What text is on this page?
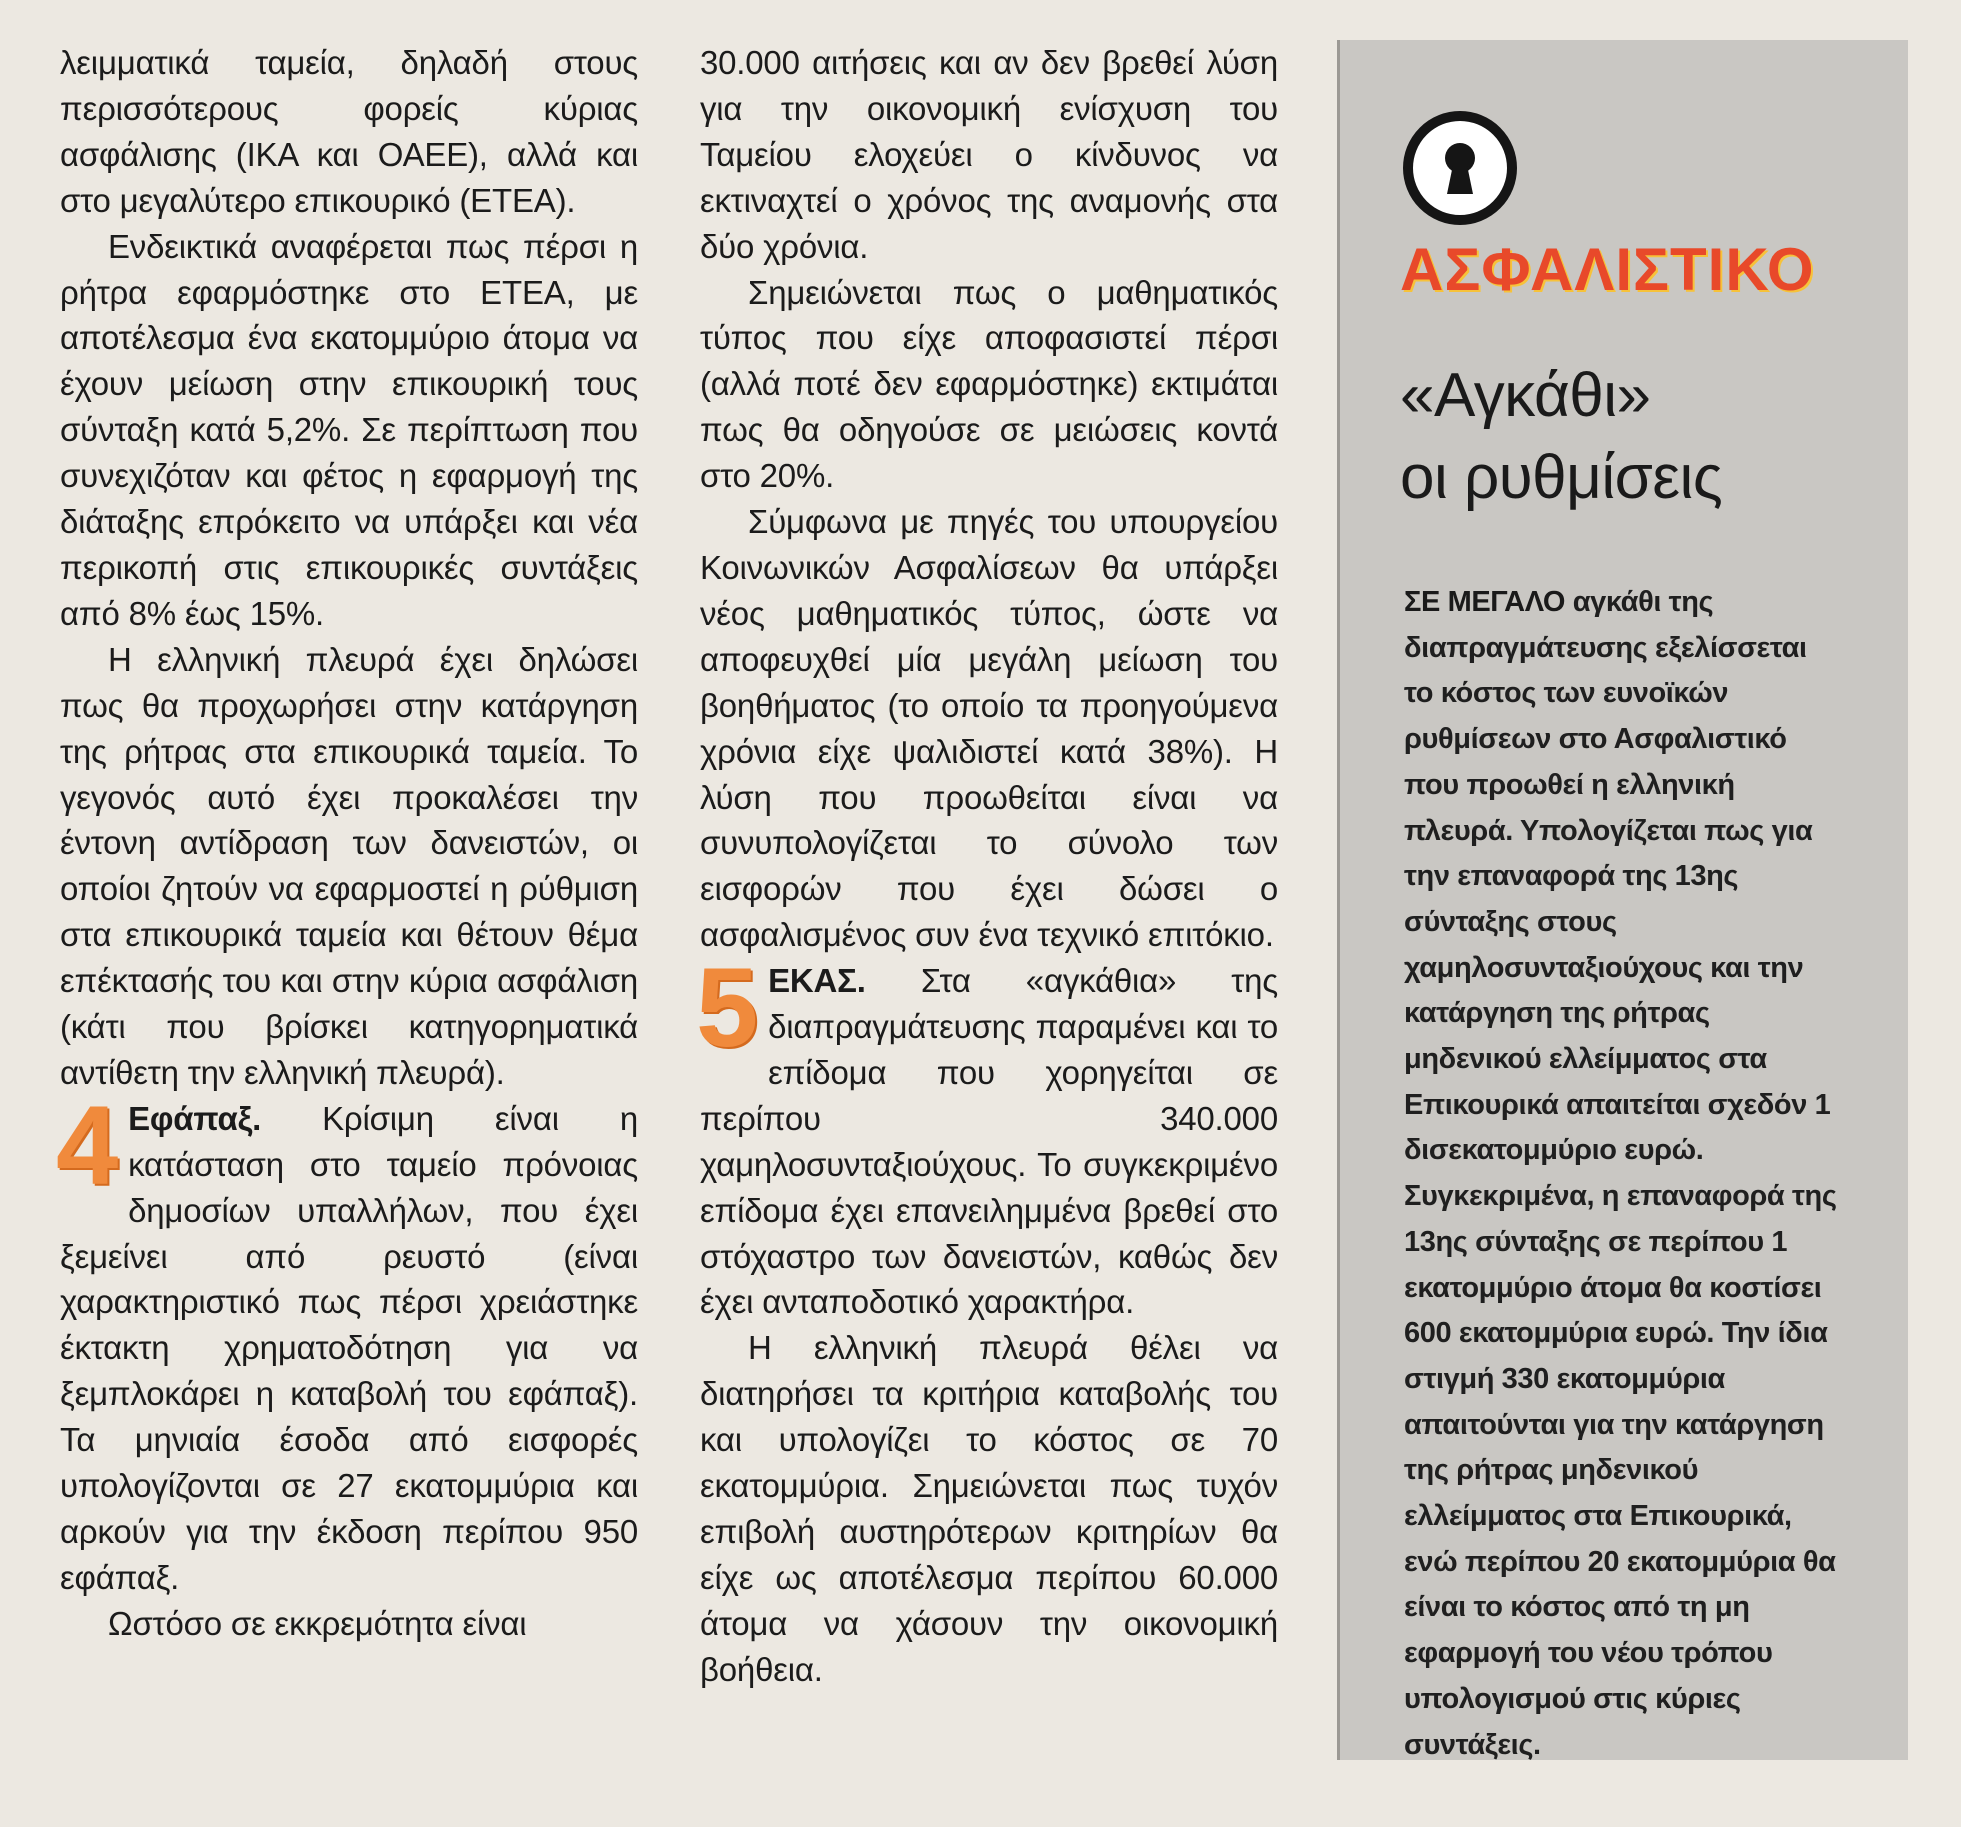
λειμματικά ταμεία, δηλαδή στους περισσότερους φορείς κύριας ασφάλισης (ΙΚΑ και ΟΑΕΕ), αλλά και στο μεγαλύτερο επικουρικό (ΕΤΕΑ).

Ενδεικτικά αναφέρεται πως πέρσι η ρήτρα εφαρμόστηκε στο ΕΤΕΑ, με αποτέλεσμα ένα εκατομμύριο άτομα να έχουν μείωση στην επικουρική τους σύνταξη κατά 5,2%. Σε περίπτωση που συνεχιζόταν και φέτος η εφαρμογή της διάταξης επρόκειτο να υπάρξει και νέα περικοπή στις επικουρικές συντάξεις από 8% έως 15%.

Η ελληνική πλευρά έχει δηλώσει πως θα προχωρήσει στην κατάργηση της ρήτρας στα επικουρικά ταμεία. Το γεγονός αυτό έχει προκαλέσει την έντονη αντίδραση των δανειστών, οι οποίοι ζητούν να εφαρμοστεί η ρύθμιση στα επικουρικά ταμεία και θέτουν θέμα επέκτασής του και στην κύρια ασφάλιση (κάτι που βρίσκει κατηγορηματικά αντίθετη την ελληνική πλευρά).

4 Εφάπαξ. Κρίσιμη είναι η κατάσταση στο ταμείο πρόνοιας δημοσίων υπαλλήλων, που έχει ξεμείνει από ρευστό (είναι χαρακτηριστικό πως πέρσι χρειάστηκε έκτακτη χρηματοδότηση για να ξεμπλοκάρει η καταβολή του εφάπαξ). Τα μηνιαία έσοδα από εισφορές υπολογίζονται σε 27 εκατομμύρια και αρκούν για την έκδοση περίπου 950 εφάπαξ.

Ωστόσο σε εκκρεμότητα είναι

30.000 αιτήσεις και αν δεν βρεθεί λύση για την οικονομική ενίσχυση του Ταμείου ελοχεύει ο κίνδυνος να εκτιναχτεί ο χρόνος της αναμονής στα δύο χρόνια.

Σημειώνεται πως ο μαθηματικός τύπος που είχε αποφασιστεί πέρσι (αλλά ποτέ δεν εφαρμόστηκε) εκτιμάται πως θα οδηγούσε σε μειώσεις κοντά στο 20%.

Σύμφωνα με πηγές του υπουργείου Κοινωνικών Ασφαλίσεων θα υπάρξει νέος μαθηματικός τύπος, ώστε να αποφευχθεί μία μεγάλη μείωση του βοηθήματος (το οποίο τα προηγούμενα χρόνια είχε ψαλιδιστεί κατά 38%). Η λύση που προωθείται είναι να συνυπολογίζεται το σύνολο των εισφορών που έχει δώσει ο ασφαλισμένος συν ένα τεχνικό επιτόκιο.

5 ΕΚΑΣ. Στα «αγκάθια» της διαπραγμάτευσης παραμένει και το επίδομα που χορηγείται σε περίπου 340.000 χαμηλοσυνταξιούχους. Το συγκεκριμένο επίδομα έχει επανειλημμένα βρεθεί στο στόχαστρο των δανειστών, καθώς δεν έχει ανταποδοτικό χαρακτήρα.

Η ελληνική πλευρά θέλει να διατηρήσει τα κριτήρια καταβολής του και υπολογίζει το κόστος σε 70 εκατομμύρια. Σημειώνεται πως τυχόν επιβολή αυστηρότερων κριτηρίων θα είχε ως αποτέλεσμα περίπου 60.000 άτομα να χάσουν την οικονομική βοήθεια.

ΑΣΦΑΛΙΣΤΙΚΟ
«Αγκάθι»
οι ρυθμίσεις
ΣΕ ΜΕΓΑΛΟ αγκάθι της διαπραγμάτευσης εξελίσσεται το κόστος των ευνοϊκών ρυθμίσεων στο Ασφαλιστικό που προωθεί η ελληνική πλευρά. Υπολογίζεται πως για την επαναφορά της 13ης σύνταξης στους χαμηλοσυνταξιούχους και την κατάργηση της ρήτρας μηδενικού ελλείμματος στα Επικουρικά απαιτείται σχεδόν 1 δισεκατομμύριο ευρώ. Συγκεκριμένα, η επαναφορά της 13ης σύνταξης σε περίπου 1 εκατομμύριο άτομα θα κοστίσει 600 εκατομμύρια ευρώ. Την ίδια στιγμή 330 εκατομμύρια απαιτούνται για την κατάργηση της ρήτρας μηδενικού ελλείμματος στα Επικουρικά, ενώ περίπου 20 εκατομμύρια θα είναι το κόστος από τη μη εφαρμογή του νέου τρόπου υπολογισμού στις κύριες συντάξεις.
